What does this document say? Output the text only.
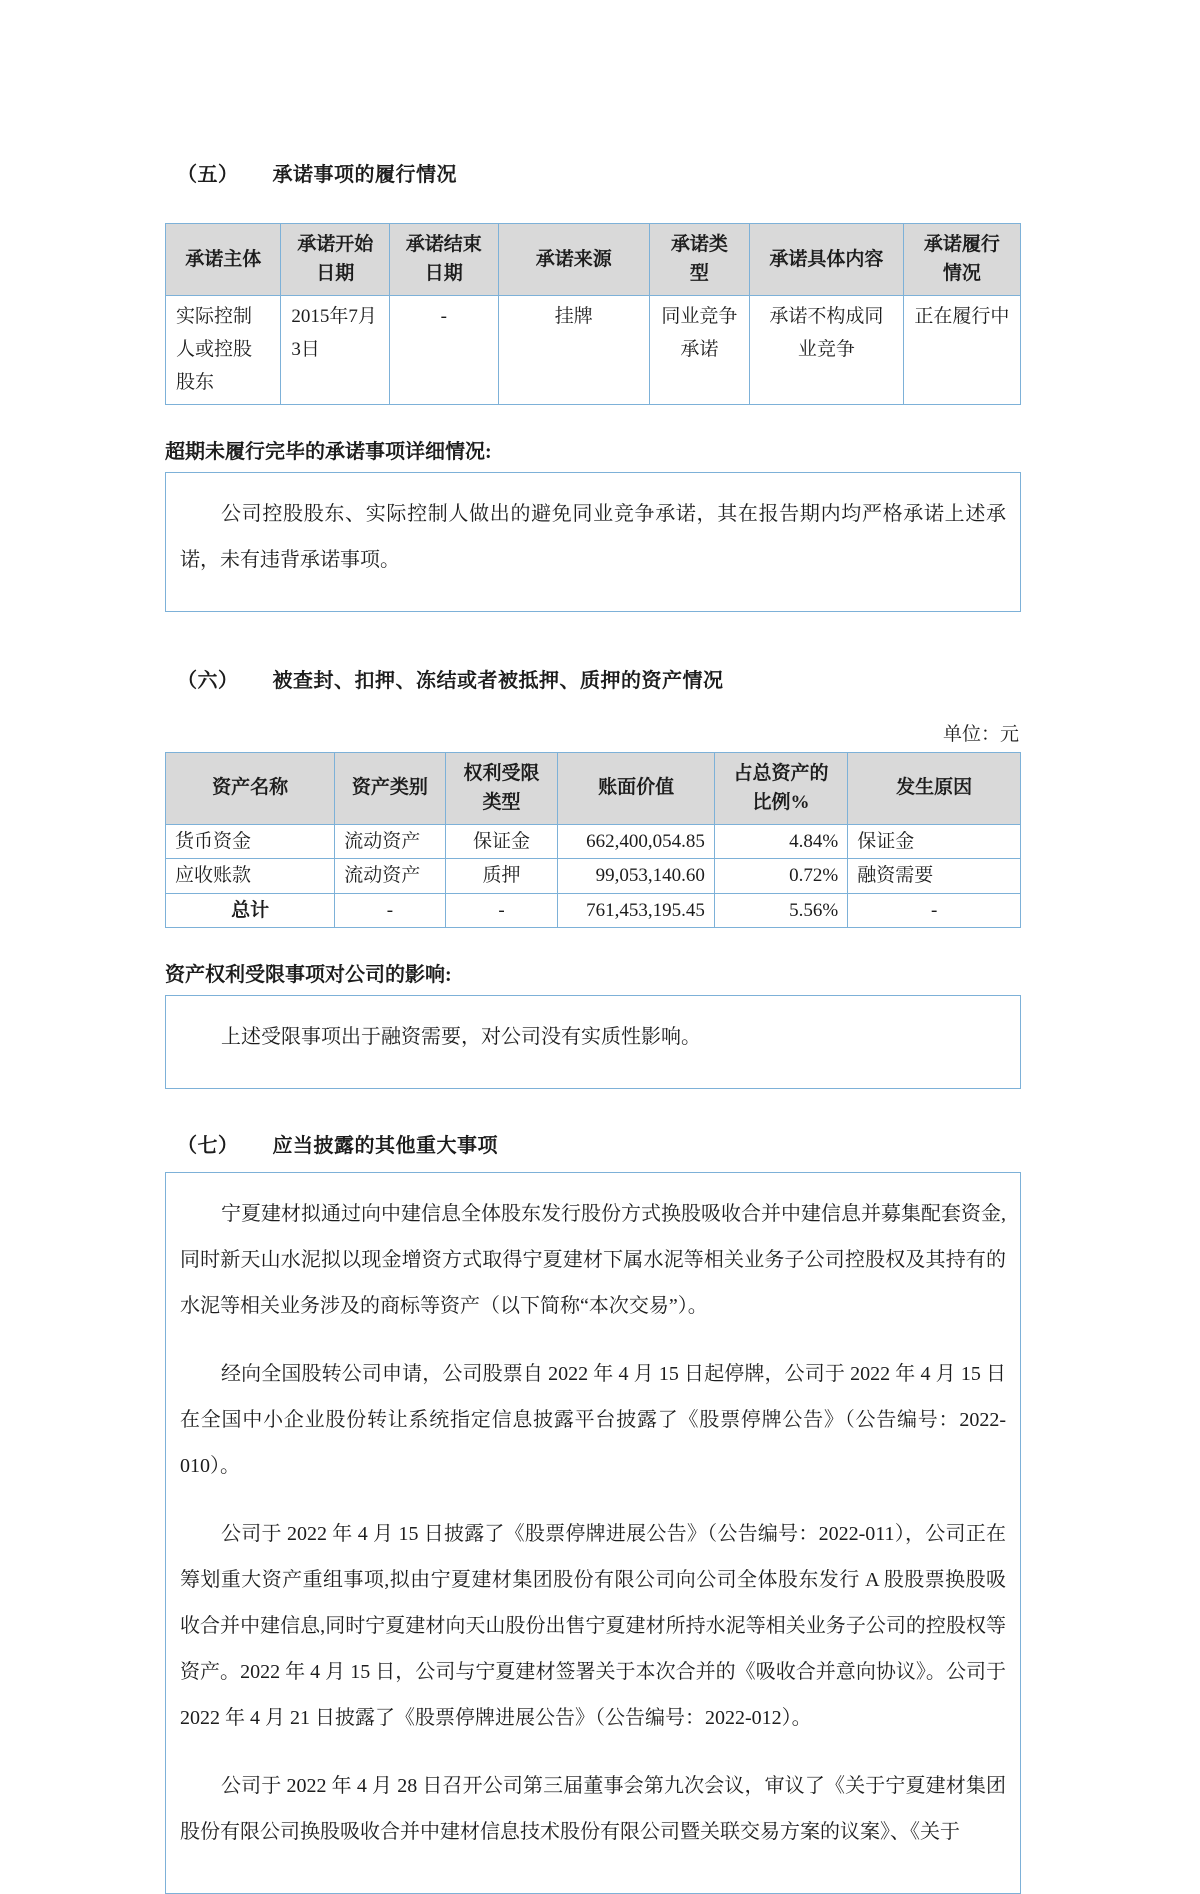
（五） 承诺事项的履行情况
承诺主体	承诺开始日期	承诺结束日期	承诺来源	承诺类型	承诺具体内容	承诺履行情况
实际控制人或控股股东	2015年7月3日	-	挂牌	同业竞争承诺	承诺不构成同业竞争	正在履行中
超期未履行完毕的承诺事项详细情况:

公司控股股东、实际控制人做出的避免同业竞争承诺，其在报告期内均严格承诺上述承诺，未有违背承诺事项。

（六） 被查封、扣押、冻结或者被抵押、质押的资产情况
单位：元
资产名称	资产类别	权利受限类型	账面价值	占总资产的比例%	发生原因
货币资金	流动资产	保证金	662,400,054.85	4.84%	保证金
应收账款	流动资产	质押	99,053,140.60	0.72%	融资需要
总计	-	-	761,453,195.45	5.56%	-
资产权利受限事项对公司的影响:

上述受限事项出于融资需要，对公司没有实质性影响。

（七） 应当披露的其他重大事项

宁夏建材拟通过向中建信息全体股东发行股份方式换股吸收合并中建信息并募集配套资金,同时新天山水泥拟以现金增资方式取得宁夏建材下属水泥等相关业务子公司控股权及其持有的水泥等相关业务涉及的商标等资产（以下简称“本次交易”）。

经向全国股转公司申请，公司股票自 2022 年 4 月 15 日起停牌，公司于 2022 年 4 月 15 日在全国中小企业股份转让系统指定信息披露平台披露了《股票停牌公告》（公告编号：2022-010）。

公司于 2022 年 4 月 15 日披露了《股票停牌进展公告》（公告编号：2022-011），公司正在筹划重大资产重组事项,拟由宁夏建材集团股份有限公司向公司全体股东发行 A 股股票换股吸收合并中建信息,同时宁夏建材向天山股份出售宁夏建材所持水泥等相关业务子公司的控股权等资产。2022 年 4 月 15 日，公司与宁夏建材签署关于本次合并的《吸收合并意向协议》。公司于 2022 年 4 月 21 日披露了《股票停牌进展公告》（公告编号：2022-012）。

公司于 2022 年 4 月 28 日召开公司第三届董事会第九次会议，审议了《关于宁夏建材集团股份有限公司换股吸收合并中建材信息技术股份有限公司暨关联交易方案的议案》、《关于
